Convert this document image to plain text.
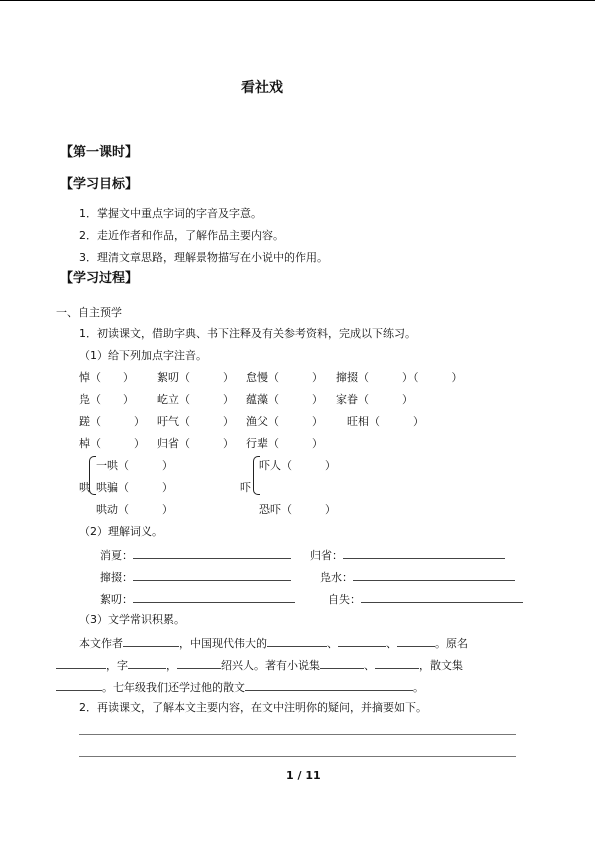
看社戏
【第一课时】
【学习目标】
1．掌握文中重点字词的字音及字意。
2．走近作者和作品，了解作品主要内容。
3．理清文章思路，理解景物描写在小说中的作用。
【学习过程】
一、自主预学
1．初读课文，借助字典、书下注释及有关参考资料，完成以下练习。
（1）给下列加点字注音。
悼（　　） 絮叨（　　　） 怠慢（　　　） 撺掇（　　　）（　　　）
凫（　　） 屹立（　　　） 蕴藻（　　　） 家眷（　　　）
蹉（　　　） 吁气（　　　） 渔父（　　　） 旺相（　　　）
棹（　　　） 归省（　　　） 行辈（　　　）
哄
一哄（　　　）
哄骗（　　　）
哄动（　　　）
吓
吓人（　　　）
恐吓（　　　）
（2）理解词义。
消夏：	归省：
撺掇：	凫水：
絮叨：	自失：
（3）文学常识积累。
本文作者	，中国现代伟大的	、	、	。原名
，字	，	绍兴人。著有小说集	、	，散文集
。七年级我们还学过他的散文	。
2．再读课文，了解本文主要内容，在文中注明你的疑问，并摘要如下。
1 / 11
